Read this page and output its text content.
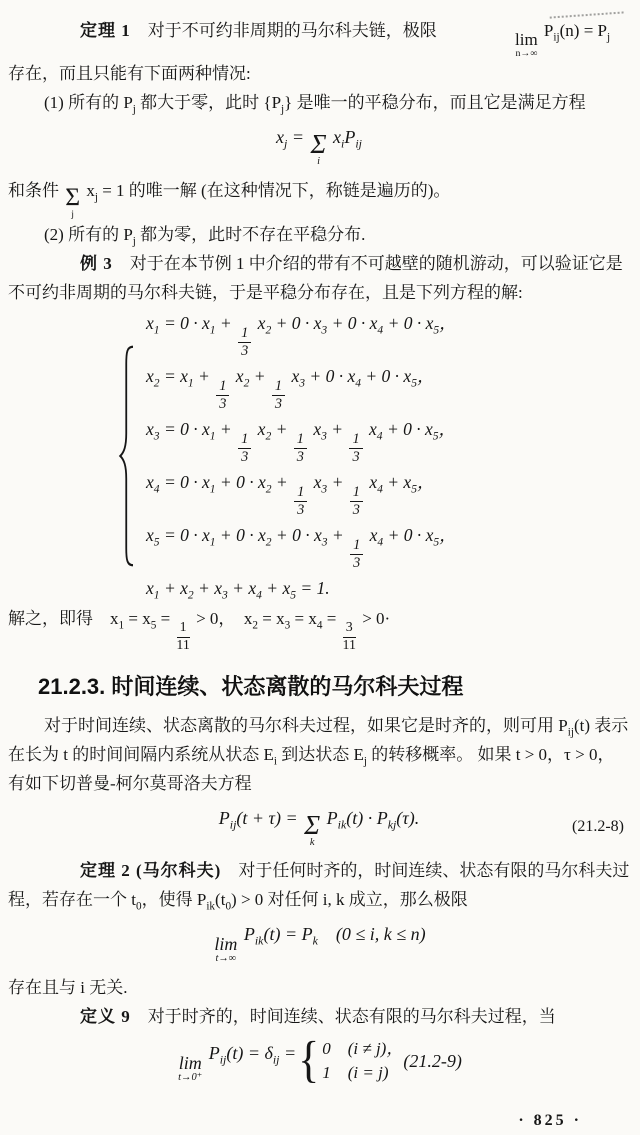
定理 1　对于不可约非周期的马尔科夫链，极限	lim
n→∞
$P_{ij}(n) = P_j$ 存在，而且只能有下面两种情况:

(1) 所有的 $P_j$ 都大于零，此时 $\{P_j\}$ 是唯一的平稳分布，而且它是满足方程

$x_j = \Sigma$
i
$x_iP_{ij}$

和条件 Σ
j
$x_j = 1$ 的唯一解 (在这种情况下，称链是遍历的)。

(2) 所有的 $P_j$ 都为零，此时不存在平稳分布.

例 3　对于在本节例 1 中介绍的带有不可越壁的随机游动，可以验证它是不可约非周期的马尔科夫链，于是平稳分布存在，且是下列方程的解:

$x_1 = 0 \cdot x_1$ +
$\frac{1}{3}$
$x_2 + 0 \cdot x_3 + 0 \cdot x_4 + 0 \cdot x_5$，
$x_2 = x_1$ +
$\frac{1}{3}$
$x_2$ +
$\frac{1}{3}$
$x_3 + 0 \cdot x_4 + 0 \cdot x_5$，
$x_3 = 0 \cdot x_1$ +
$\frac{1}{3}$
$x_2$ +
$\frac{1}{3}$
$x_3$ +
$\frac{1}{3}$
$x_4 + 0 \cdot x_5$，
$x_4 = 0 \cdot x_1 + 0 \cdot x_2$ +
$\frac{1}{3}$
$x_3$ +
$\frac{1}{3}$
$x_4 + x_5$，
$x_5 = 0 \cdot x_1 + 0 \cdot x_2 + 0 \cdot x_3$ +
$\frac{1}{3}$
$x_4 + 0 \cdot x_5$，
$x_1 + x_2 + x_3 + x_4 + x_5 = 1$.

解之，即得　$x_1 = x_5$ =
$\frac{1}{11}$
> 0，　$x_2 = x_3 = x_4$ =
$\frac{3}{11}$
> 0·

21.2.3. 时间连续、状态离散的马尔科夫过程

对于时间连续、状态离散的马尔科夫过程，如果它是时齐的，则可用 $P_{ij}(t)$ 表示在长为 t 的时间间隔内系统从状态 $E_i$ 到达状态 $E_j$ 的转移概率。 如果 t > 0，τ > 0，有如下切普曼-柯尔莫哥洛夫方程

$P_{ij}(t + \tau) = \Sigma$
k
$P_{ik}(t) \cdot P_{kj}(\tau)$.	(21.2-8)

定理 2 (马尔科夫)　对于任何时齐的，时间连续、状态有限的马尔科夫过程，若存在一个 $t_0$，使得 $P_{ik}(t_0) > 0$ 对任何 i, k 成立，那么极限

lim
t→∞
$P_{ik}(t) = P_k$　(0 ≤ i, k ≤ n)

存在且与 i 无关.

定义 9　对于时齐的，时间连续、状态有限的马尔科夫过程，当

lim
t→0⁺
$P_{ij}(t) = \delta_{ij}$ = { 0　(i ≠ j)，
1　(i = j)
(21.2-9)
· 825 ·
